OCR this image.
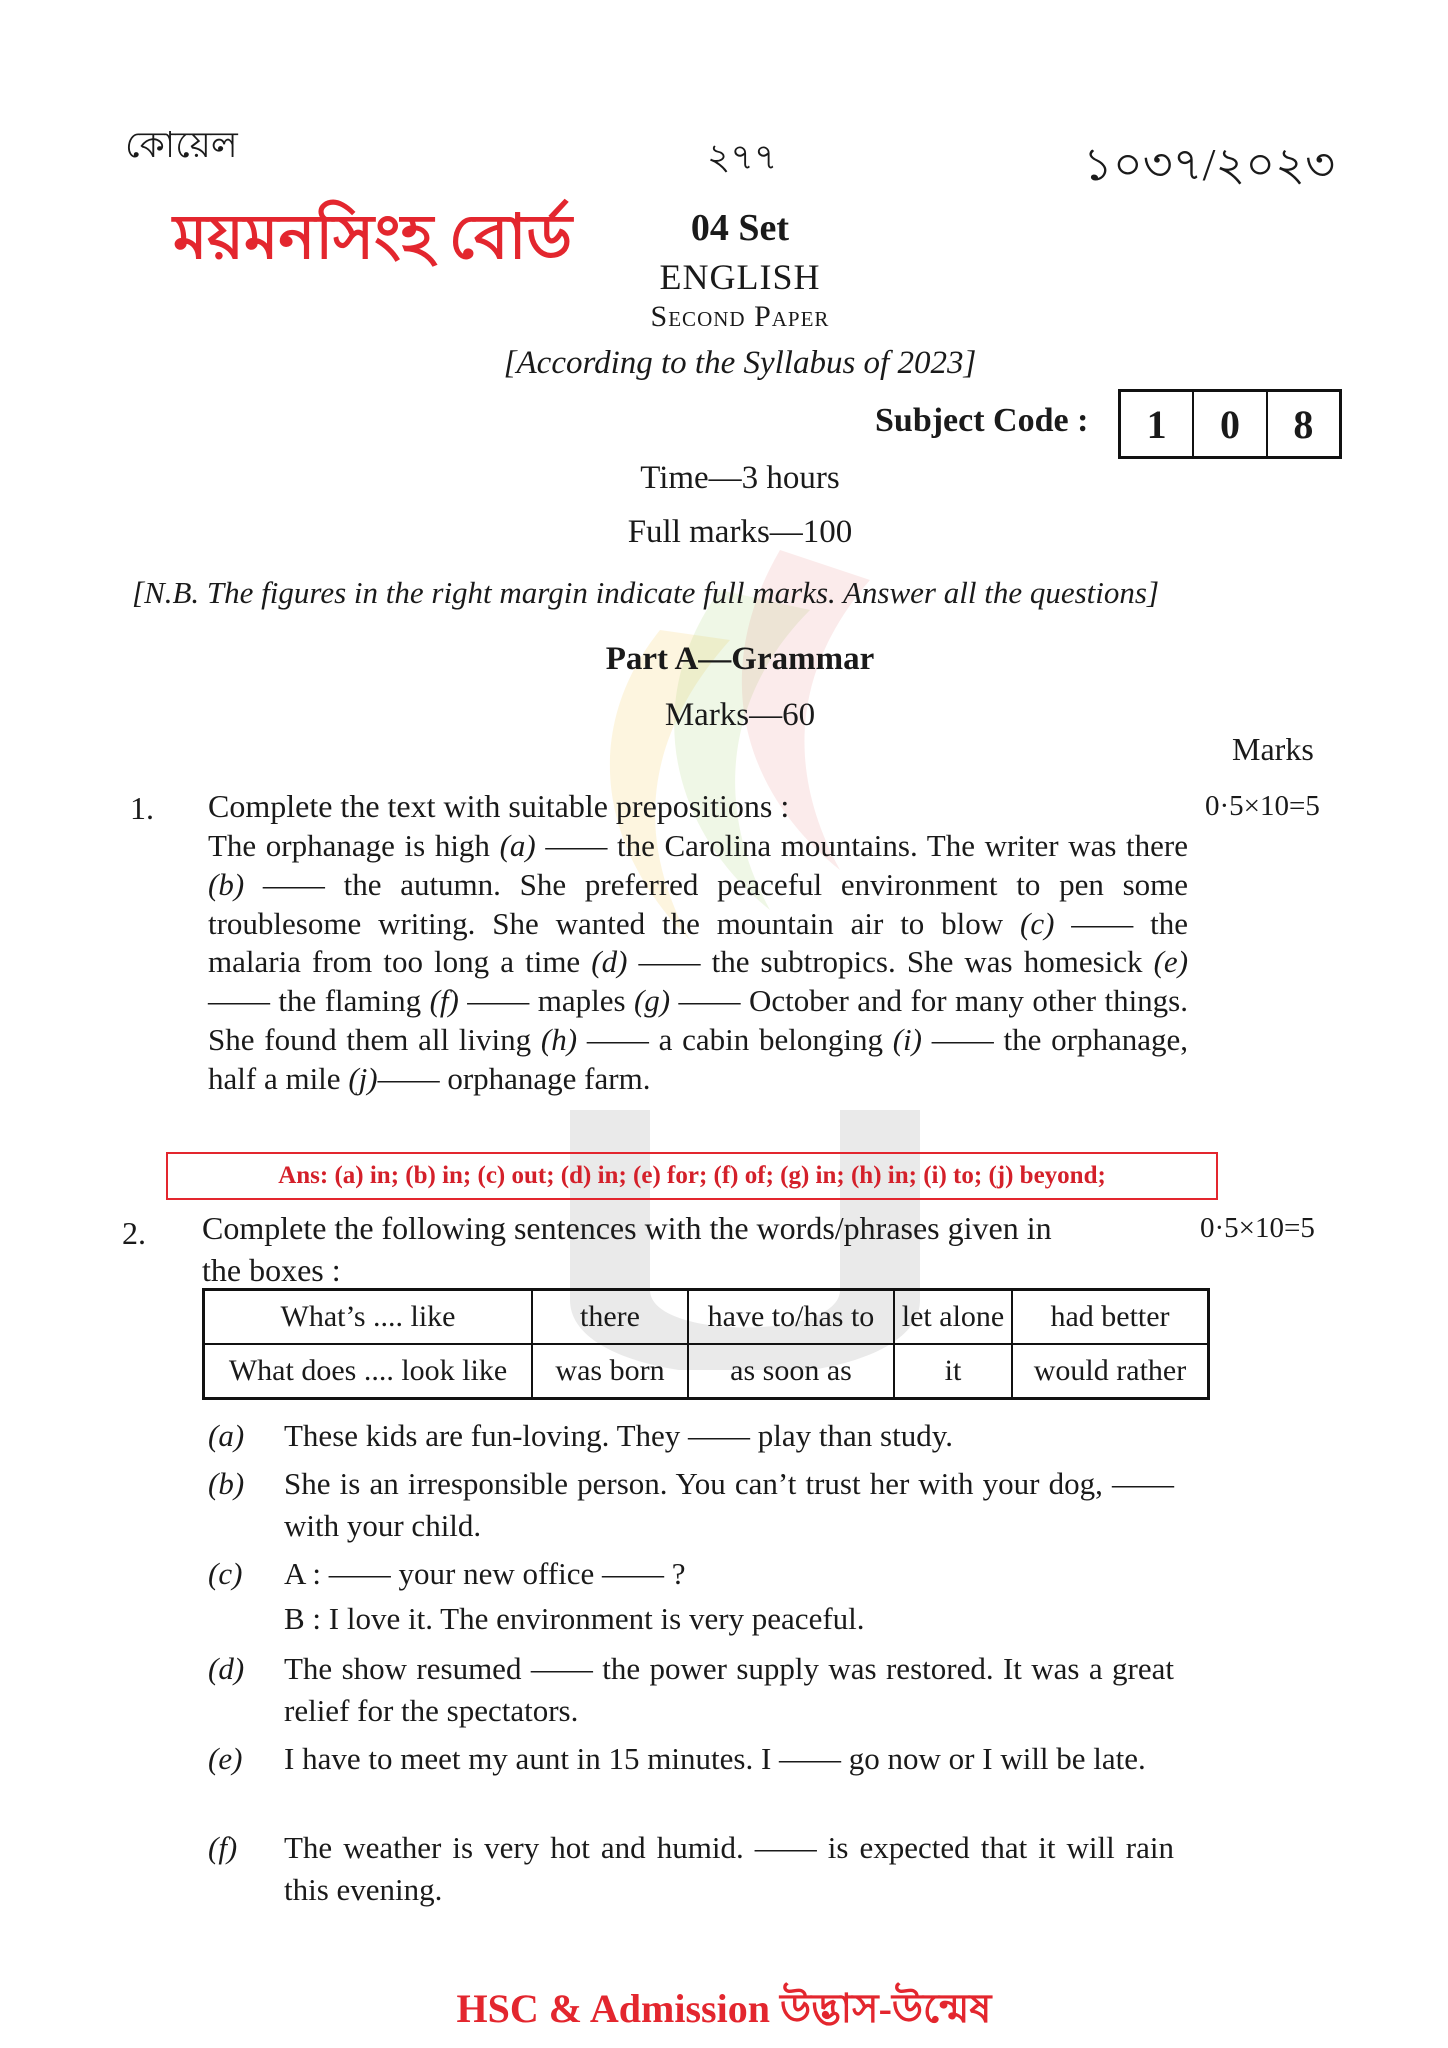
কোয়েল	২৭৭	১০৩৭/২০২৩
ময়মনসিংহ বোর্ড	04 Set
ENGLISH
Second Paper
[According to the Syllabus of 2023]
Subject Code :	1	0	8
Time—3 hours
Full marks—100
[N.B. The figures in the right margin indicate full marks. Answer all the questions]
Part A—Grammar
Marks—60
Marks
1. Complete the text with suitable prepositions :	0·5×10=5
The orphanage is high (a) —— the Carolina mountains. The writer was there (b) —— the autumn. She preferred peaceful environment to pen some troublesome writing. She wanted the mountain air to blow (c) —— the malaria from too long a time (d) —— the subtropics. She was homesick (e) —— the flaming (f) —— maples (g) —— October and for many other things. She found them all living (h) —— a cabin belonging (i) —— the orphanage, half a mile (j)—— orphanage farm.
Ans: (a) in; (b) in; (c) out; (d) in; (e) for; (f) of; (g) in; (h) in; (i) to; (j) beyond;
2. Complete the following sentences with the words/phrases given in
the boxes :
0·5×10=5
What’s .... like	there	have to/has to	let alone	had better
What does .... look like	was born	as soon as	it	would rather
(a) These kids are fun-loving. They —— play than study.
(b) She is an irresponsible person. You can’t trust her with your dog, —— with your child.
(c) A : —— your new office —— ?
B : I love it. The environment is very peaceful.
(d) The show resumed —— the power supply was restored. It was a great relief for the spectators.
(e) I have to meet my aunt in 15 minutes. I —— go now or I will be late.
(f) The weather is very hot and humid. —— is expected that it will rain this evening.
HSC & Admission উদ্ভাস-উন্মেষ
